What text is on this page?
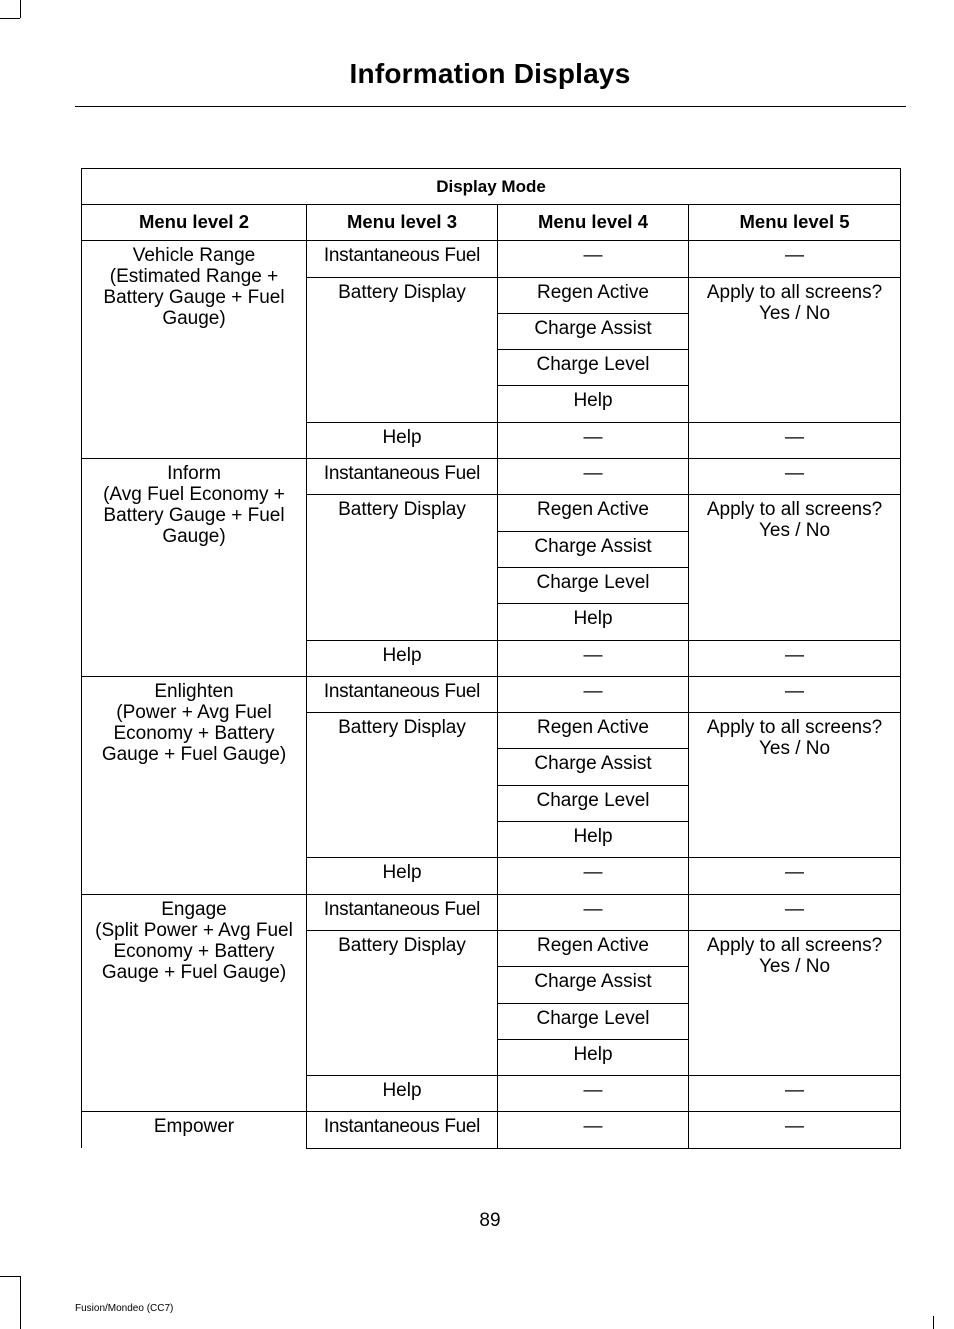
Information Displays
Display Mode			
Menu level 2	Menu level 3	Menu level 4	Menu level 5

Vehicle Range
(Estimated Range + Battery Gauge + Fuel Gauge)	Instantaneous Fuel	—	—
	Battery Display	Regen Active	Apply to all screens? Yes / No
		Charge Assist	
		Charge Level	
		Help	
	Help	—	—

Inform
(Avg Fuel Economy + Battery Gauge + Fuel Gauge)	Instantaneous Fuel	—	—
	Battery Display	Regen Active	Apply to all screens? Yes / No
		Charge Assist	
		Charge Level	
		Help	
	Help	—	—

Enlighten
(Power + Avg Fuel Economy + Battery Gauge + Fuel Gauge)	Instantaneous Fuel	—	—
	Battery Display	Regen Active	Apply to all screens? Yes / No
		Charge Assist	
		Charge Level	
		Help	
	Help	—	—

Engage
(Split Power + Avg Fuel Economy + Battery Gauge + Fuel Gauge)	Instantaneous Fuel	—	—
	Battery Display	Regen Active	Apply to all screens? Yes / No
		Charge Assist	
		Charge Level	
		Help	
	Help	—	—
Empower	Instantaneous Fuel	—	—
89
Fusion/Mondeo (CC7)
